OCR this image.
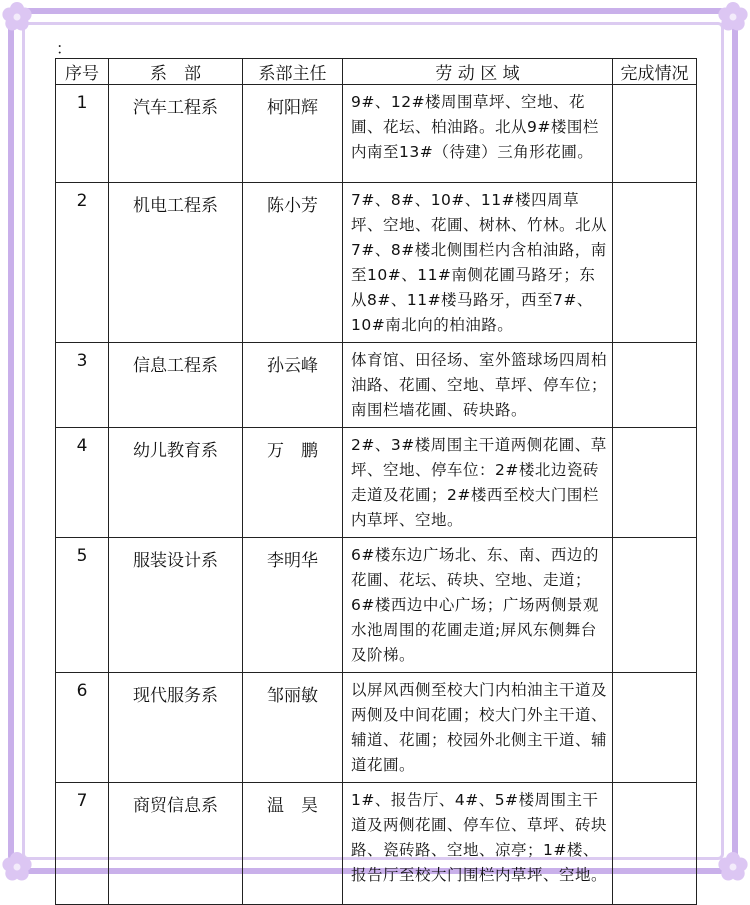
：
序号	系　部	系部主任	劳 动 区 域	完成情况
1	汽车工程系	柯阳辉	9#、12#楼周围草坪、空地、花圃、花坛、柏油路。北从9#楼围栏内南至13#（待建）三角形花圃。	
2	机电工程系	陈小芳	7#、8#、10#、11#楼四周草坪、空地、花圃、树林、竹林。北从7#、8#楼北侧围栏内含柏油路，南至10#、11#南侧花圃马路牙；东从8#、11#楼马路牙，西至7#、10#南北向的柏油路。	
3	信息工程系	孙云峰	体育馆、田径场、室外篮球场四周柏油路、花圃、空地、草坪、停车位；南围栏墙花圃、砖块路。	
4	幼儿教育系	万　鹏	2#、3#楼周围主干道两侧花圃、草坪、空地、停车位：2#楼北边瓷砖走道及花圃；2#楼西至校大门围栏内草坪、空地。	
5	服装设计系	李明华	6#楼东边广场北、东、南、西边的花圃、花坛、砖块、空地、走道；6#楼西边中心广场；广场两侧景观水池周围的花圃走道;屏风东侧舞台及阶梯。	
6	现代服务系	邹丽敏	以屏风西侧至校大门内柏油主干道及两侧及中间花圃；校大门外主干道、辅道、花圃；校园外北侧主干道、辅道花圃。	
7	商贸信息系	温　昊	1#、报告厅、4#、5#楼周围主干道及两侧花圃、停车位、草坪、砖块路、瓷砖路、空地、凉亭；1#楼、报告厅至校大门围栏内草坪、空地。	
